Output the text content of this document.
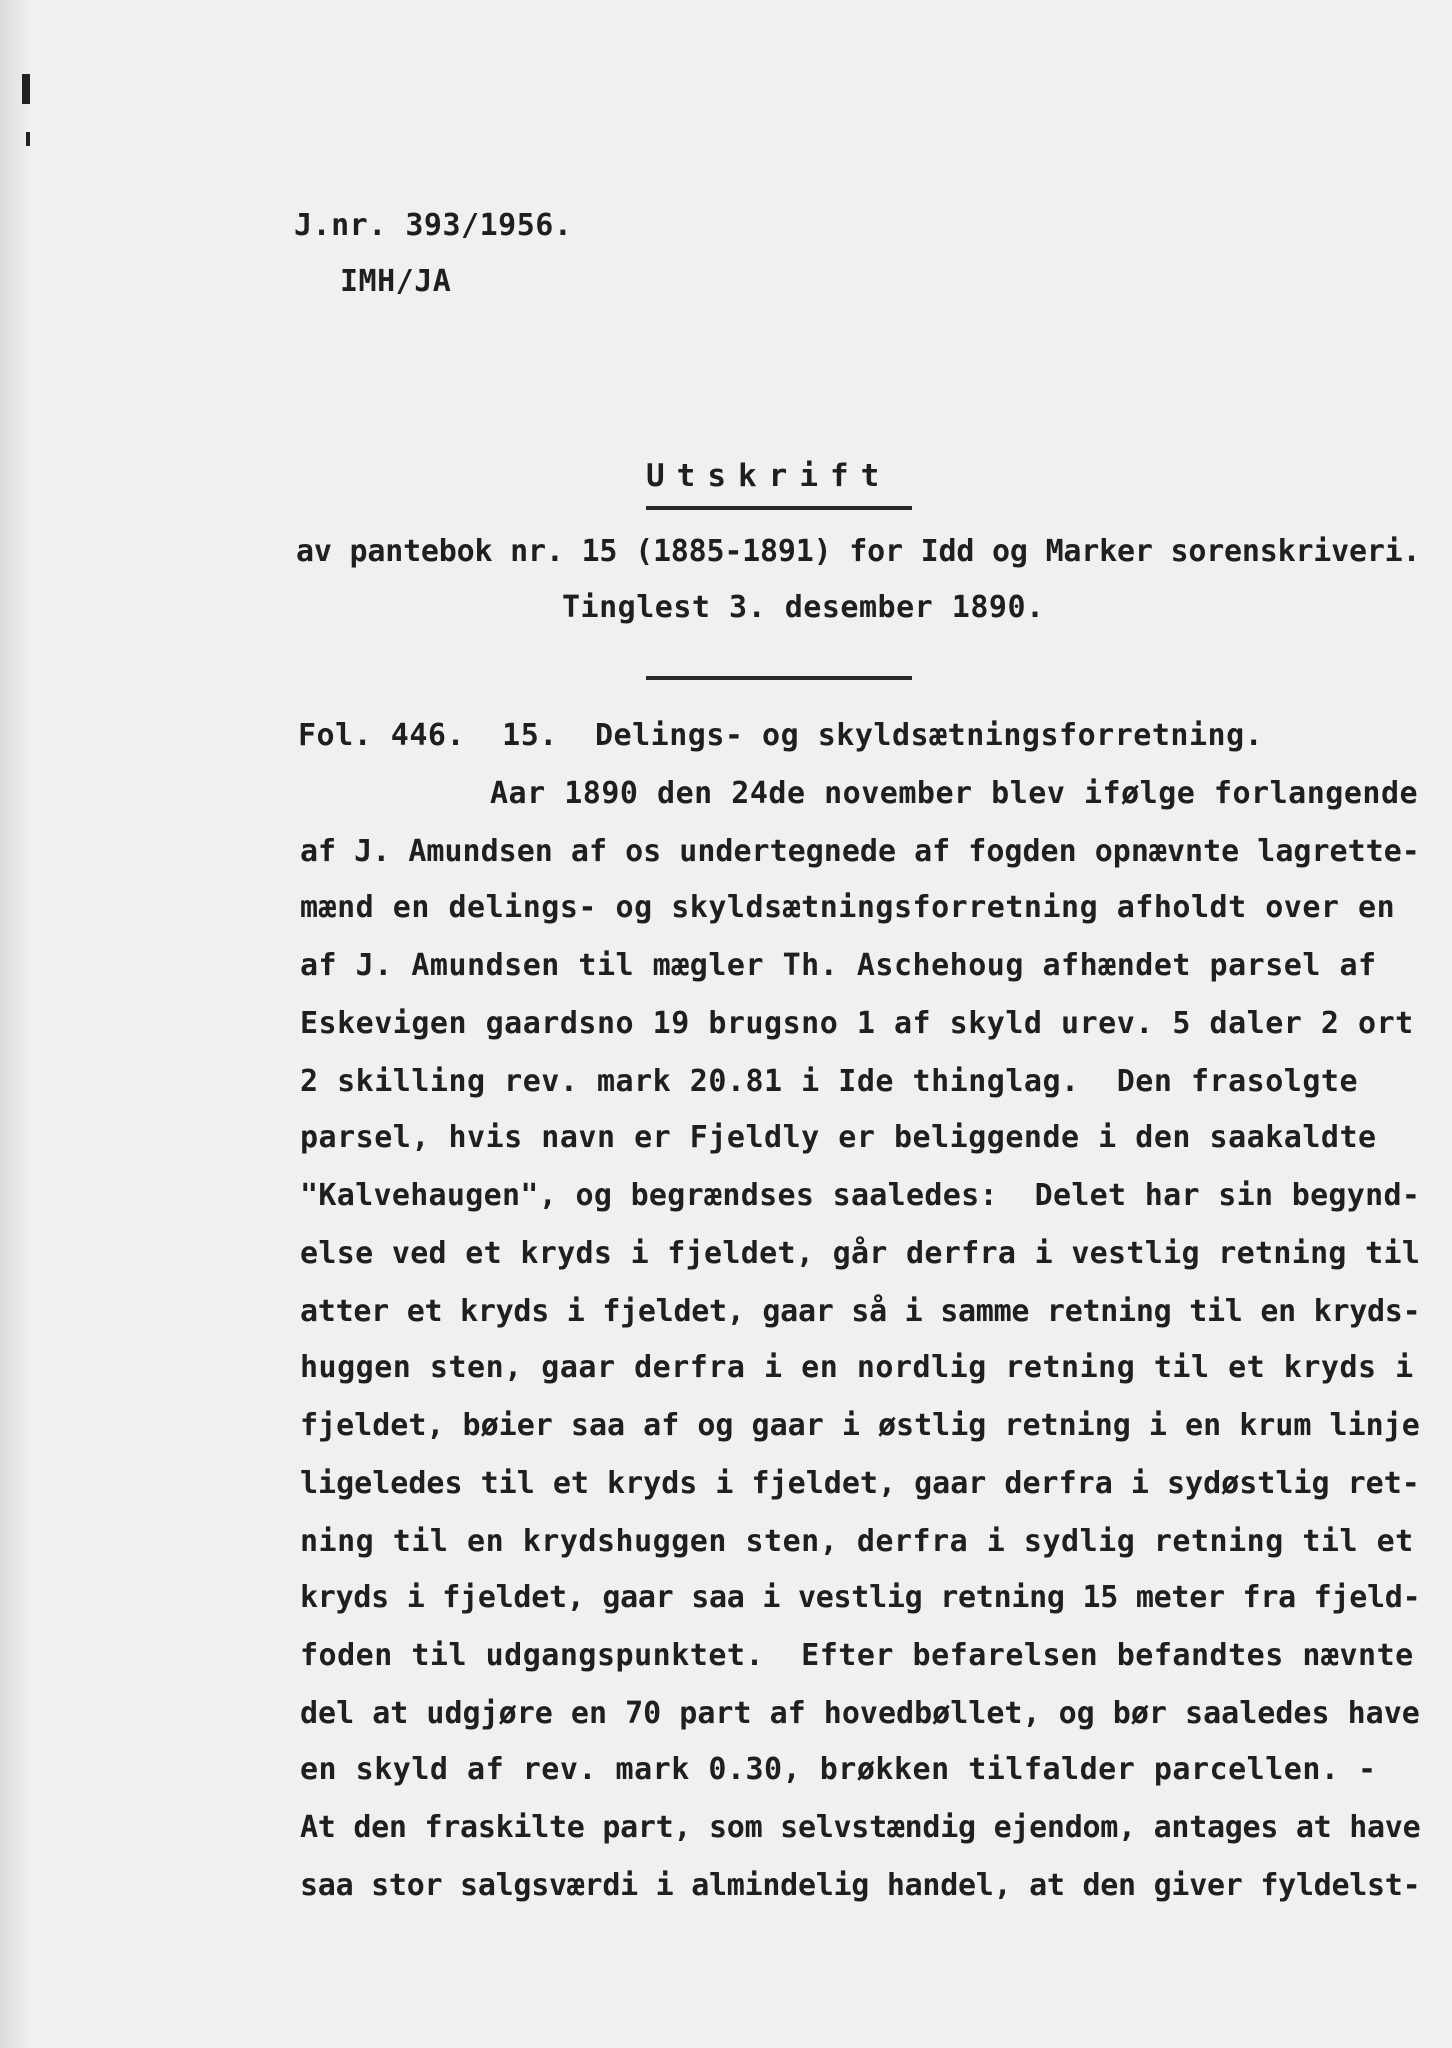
J.nr. 393/1956.
IMH/JA
Utskrift
av pantebok nr. 15 (1885-1891) for Idd og Marker sorenskriveri.
Tinglest 3. desember 1890.
Fol. 446.  15.  Delings- og skyldsætningsforretning.
Aar 1890 den 24de november blev ifølge forlangende
af J. Amundsen af os undertegnede af fogden opnævnte lagrette-
mænd en delings- og skyldsætningsforretning afholdt over en
af J. Amundsen til mægler Th. Aschehoug afhændet parsel af
Eskevigen gaardsno 19 brugsno 1 af skyld urev. 5 daler 2 ort
2 skilling rev. mark 20.81 i Ide thinglag.  Den frasolgte
parsel, hvis navn er Fjeldly er beliggende i den saakaldte
"Kalvehaugen", og begrændses saaledes:  Delet har sin begynd-
else ved et kryds i fjeldet, går derfra i vestlig retning til
atter et kryds i fjeldet, gaar så i samme retning til en kryds-
huggen sten, gaar derfra i en nordlig retning til et kryds i
fjeldet, bøier saa af og gaar i østlig retning i en krum linje
ligeledes til et kryds i fjeldet, gaar derfra i sydøstlig ret-
ning til en krydshuggen sten, derfra i sydlig retning til et
kryds i fjeldet, gaar saa i vestlig retning 15 meter fra fjeld-
foden til udgangspunktet.  Efter befarelsen befandtes nævnte
del at udgjøre en 70 part af hovedbøllet, og bør saaledes have
en skyld af rev. mark 0.30, brøkken tilfalder parcellen. -
At den fraskilte part, som selvstændig ejendom, antages at have
saa stor salgsværdi i almindelig handel, at den giver fyldelst-
